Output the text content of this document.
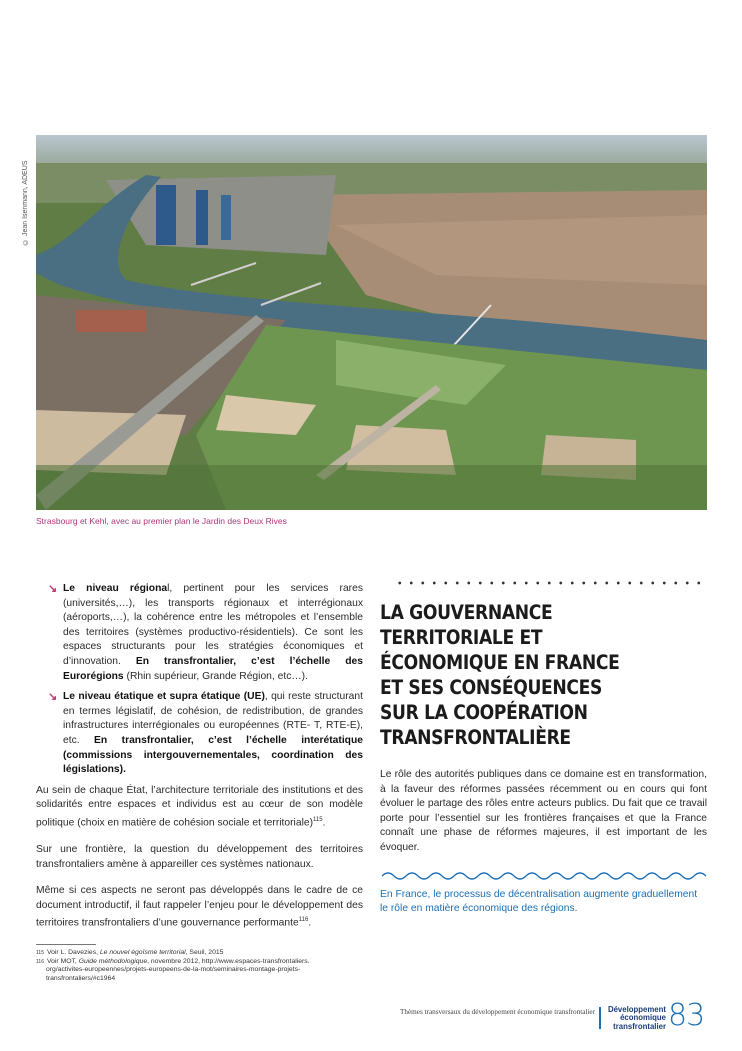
© Jean Isenmann, ADEUS
Strasbourg et Kehl, avec au premier plan le Jardin des Deux Rives
↘ Le niveau régional, pertinent pour les services rares (universités,…), les transports régionaux et interrégionaux (aéroports,…), la cohérence entre les métropoles et l’ensemble des territoires (systèmes productivo-résidentiels). Ce sont les espaces structurants pour les stratégies économiques et d’innovation. En transfrontalier, c’est l’échelle des Eurorégions (Rhin supérieur, Grande Région, etc…).
↘ Le niveau étatique et supra étatique (UE), qui reste structurant en termes législatif, de cohésion, de redistribution, de grandes infrastructures interrégionales ou européennes (RTE- T, RTE-E), etc. En transfrontalier, c’est l’échelle interétatique (commissions intergouvernementales, coordination des législations).

Au sein de chaque État, l’architecture territoriale des institutions et des solidarités entre espaces et individus est au cœur de son modèle politique (choix en matière de cohésion sociale et territoriale)$^{115}$.

Sur une frontière, la question du développement des territoires transfrontaliers amène à appareiller ces systèmes nationaux.

Même si ces aspects ne seront pas développés dans le cadre de ce document introductif, il faut rappeler l’enjeu pour le développement des territoires transfrontaliers d’une gouvernance performante$^{116}$.

LA GOUVERNANCE
TERRITORIALE ET
ÉCONOMIQUE EN FRANCE
ET SES CONSÉQUENCES
SUR LA COOPÉRATION
TRANSFRONTALIÈRE

Le rôle des autorités publiques dans ce domaine est en transformation, à la faveur des réformes passées récemment ou en cours qui font évoluer le partage des rôles entre acteurs publics. Du fait que ce travail porte pour l’essentiel sur les frontières françaises et que la France connaît une phase de réformes majeures, il est important de les évoquer.

En France, le processus de décentralisation augmente graduellement le rôle en matière économique des régions.

$^{115}$ Voir L. Davezies, Le nouvel égoïsme territorial, Seuil, 2015
$^{116}$ Voir MOT, Guide méthodologique, novembre 2012, http://www.espaces-transfrontaliers.
org/activites-europeennes/projets-europeens-de-la-mot/seminaires-montage-projets-
transfrontaliers/#c1964
Thèmes transversaux du développement économique transfrontalier	Développement
économique
transfrontalier 83
